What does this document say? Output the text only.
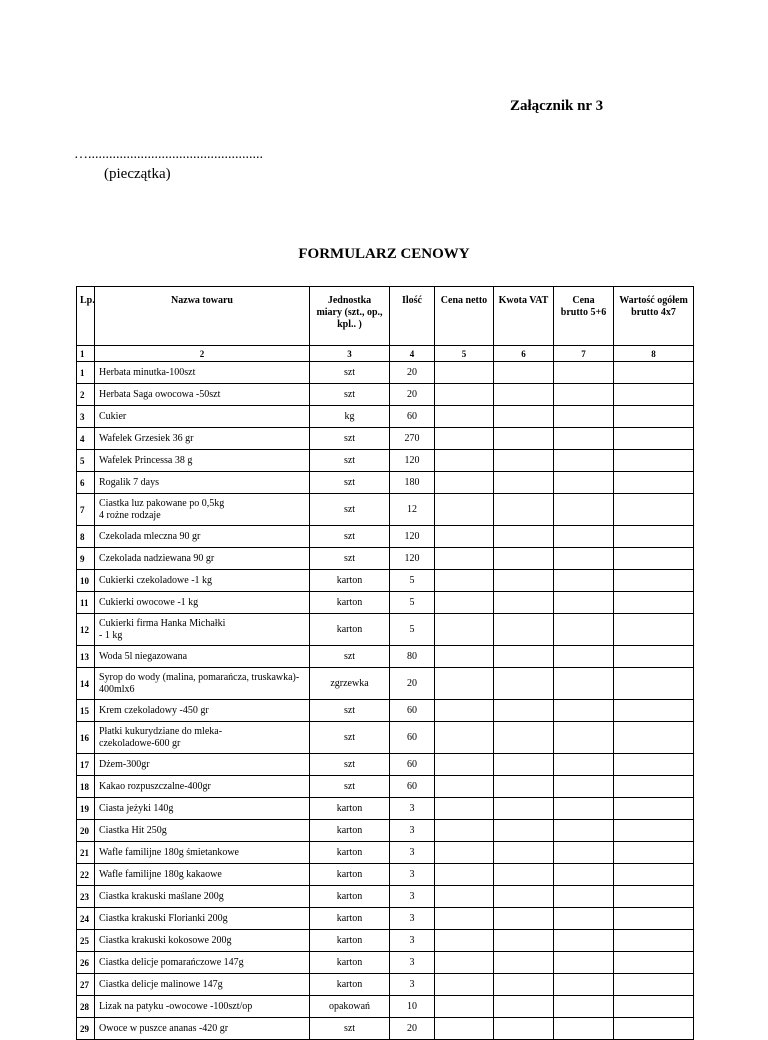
Załącznik nr 3
…..................................................
(pieczątka)
FORMULARZ CENOWY
Lp.	Nazwa towaru	Jednostka miary (szt., op., kpl.. )	Ilość	Cena netto	Kwota VAT	Cena brutto 5+6	Wartość ogółem brutto 4x7
1	2	3	4	5	6	7	8
1	Herbata minutka-100szt	szt	20				
2	Herbata Saga owocowa -50szt	szt	20				
3	Cukier	kg	60				
4	Wafelek Grzesiek 36 gr	szt	270				
5	Wafelek Princessa 38 g	szt	120				
6	Rogalik 7 days	szt	180				
7	Ciastka luz pakowane po 0,5kg
4 rożne rodzaje	szt	12				
8	Czekolada mleczna 90 gr	szt	120				
9	Czekolada nadziewana 90 gr	szt	120				
10	Cukierki czekoladowe -1 kg	karton	5				
11	Cukierki owocowe -1 kg	karton	5				
12	Cukierki firma Hanka Michałki
- 1 kg	karton	5				
13	Woda 5l niegazowana	szt	80				
14	Syrop do wody (malina, pomarańcza, truskawka)-
400mlx6	zgrzewka	20				
15	Krem czekoladowy -450 gr	szt	60				
16	Płatki kukurydziane do mleka-
czekoladowe-600 gr	szt	60				
17	Dżem-300gr	szt	60				
18	Kakao rozpuszczalne-400gr	szt	60				
19	Ciasta jeżyki 140g	karton	3				
20	Ciastka Hit 250g	karton	3				
21	Wafle familijne 180g śmietankowe	karton	3				
22	Wafle familijne 180g kakaowe	karton	3				
23	Ciastka krakuski maślane 200g	karton	3				
24	Ciastka krakuski Florianki 200g	karton	3				
25	Ciastka krakuski kokosowe 200g	karton	3				
26	Ciastka delicje pomarańczowe 147g	karton	3				
27	Ciastka delicje malinowe 147g	karton	3				
28	Lizak na patyku -owocowe -100szt/op	opakowań	10				
29	Owoce w puszce ananas -420 gr	szt	20				
